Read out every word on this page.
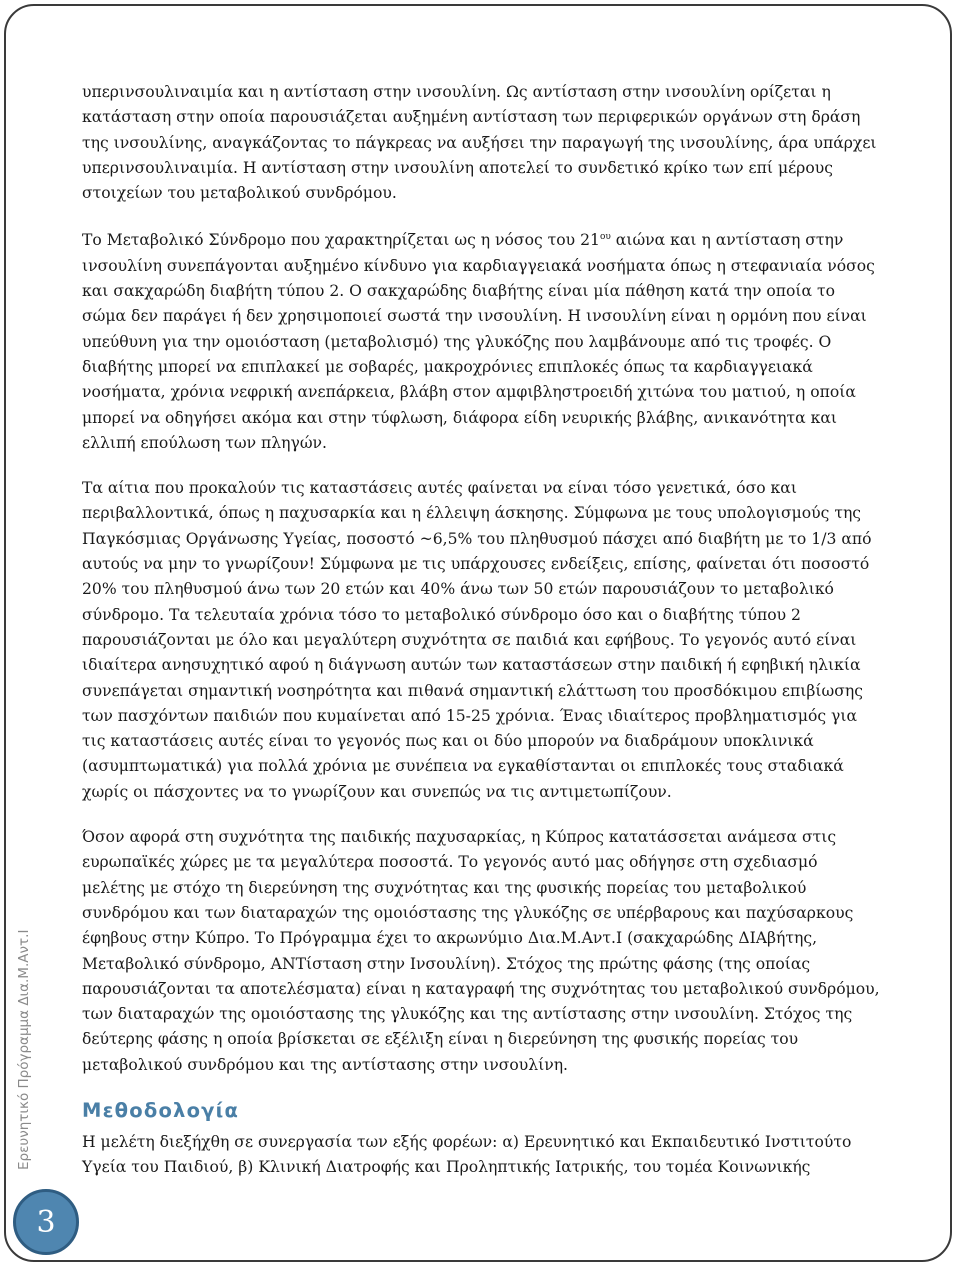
υπερινσουλιναιμία και η αντίσταση στην ινσουλίνη. Ως αντίσταση στην ινσουλίνη ορίζεται η κατάσταση στην οποία παρουσιάζεται αυξημένη αντίσταση των περιφερικών οργάνων στη δράση της ινσουλίνης, αναγκάζοντας το πάγκρεας να αυξήσει την παραγωγή της ινσουλίνης, άρα υπάρχει υπερινσουλιναιμία. Η αντίσταση στην ινσουλίνη αποτελεί το συνδετικό κρίκο των επί μέρους στοιχείων του μεταβολικού συνδρόμου.

Το Μεταβολικό Σύνδρομο που χαρακτηρίζεται ως η νόσος του $21^{o\upsilon}$ αιώνα και η αντίσταση στην ινσουλίνη συνεπάγονται αυξημένο κίνδυνο για καρδιαγγειακά νοσήματα όπως η στεφανιαία νόσος και σακχαρώδη διαβήτη τύπου 2. Ο σακχαρώδης διαβήτης είναι μία πάθηση κατά την οποία το σώμα δεν παράγει ή δεν χρησιμοποιεί σωστά την ινσουλίνη. Η ινσουλίνη είναι η ορμόνη που είναι υπεύθυνη για την ομοιόσταση (μεταβολισμό) της γλυκόζης που λαμβάνουμε από τις τροφές. Ο διαβήτης μπορεί να επιπλακεί με σοβαρές, μακροχρόνιες επιπλοκές όπως τα καρδιαγγειακά νοσήματα, χρόνια νεφρική ανεπάρκεια, βλάβη στον αμφιβληστροειδή χιτώνα του ματιού, η οποία μπορεί να οδηγήσει ακόμα και στην τύφλωση, διάφορα είδη νευρικής βλάβης, ανικανότητα και ελλιπή επούλωση των πληγών.

Τα αίτια που προκαλούν τις καταστάσεις αυτές φαίνεται να είναι τόσο γενετικά, όσο και περιβαλλοντικά, όπως η παχυσαρκία και η έλλειψη άσκησης. Σύμφωνα με τους υπολογισμούς της Παγκόσμιας Οργάνωσης Υγείας, ποσοστό ~6,5% του πληθυσμού πάσχει από διαβήτη με το 1/3 από αυτούς να μην το γνωρίζουν! Σύμφωνα με τις υπάρχουσες ενδείξεις, επίσης, φαίνεται ότι ποσοστό 20% του πληθυσμού άνω των 20 ετών και 40% άνω των 50 ετών παρουσιάζουν το μεταβολικό σύνδρομο. Τα τελευταία χρόνια τόσο το μεταβολικό σύνδρομο όσο και ο διαβήτης τύπου 2 παρουσιάζονται με όλο και μεγαλύτερη συχνότητα σε παιδιά και εφήβους. Το γεγονός αυτό είναι ιδιαίτερα ανησυχητικό αφού η διάγνωση αυτών των καταστάσεων στην παιδική ή εφηβική ηλικία συνεπάγεται σημαντική νοσηρότητα και πιθανά σημαντική ελάττωση του προσδόκιμου επιβίωσης των πασχόντων παιδιών που κυμαίνεται από 15-25 χρόνια. Ένας ιδιαίτερος προβληματισμός για τις καταστάσεις αυτές είναι το γεγονός πως και οι δύο μπορούν να διαδράμουν υποκλινικά (ασυμπτωματικά) για πολλά χρόνια με συνέπεια να εγκαθίστανται οι επιπλοκές τους σταδιακά χωρίς οι πάσχοντες να το γνωρίζουν και συνεπώς να τις αντιμετωπίζουν.

Όσον αφορά στη συχνότητα της παιδικής παχυσαρκίας, η Κύπρος κατατάσσεται ανάμεσα στις ευρωπαϊκές χώρες με τα μεγαλύτερα ποσοστά. Το γεγονός αυτό μας οδήγησε στη σχεδιασμό μελέτης με στόχο τη διερεύνηση της συχνότητας και της φυσικής πορείας του μεταβολικού συνδρόμου και των διαταραχών της ομοιόστασης της γλυκόζης σε υπέρβαρους και παχύσαρκους έφηβους στην Κύπρο. Το Πρόγραμμα έχει το ακρωνύμιο Δια.Μ.Αντ.Ι (σακχαρώδης ΔΙΑβήτης, Μεταβολικό σύνδρομο, ΑΝΤίσταση στην Ινσουλίνη). Στόχος της πρώτης φάσης (της οποίας παρουσιάζονται τα αποτελέσματα) είναι η καταγραφή της συχνότητας του μεταβολικού συνδρόμου, των διαταραχών της ομοιόστασης της γλυκόζης και της αντίστασης στην ινσουλίνη. Στόχος της δεύτερης φάσης η οποία βρίσκεται σε εξέλιξη είναι η διερεύνηση της φυσικής πορείας του μεταβολικού συνδρόμου και της αντίστασης στην ινσουλίνη.

Μεθοδολογία

Η μελέτη διεξήχθη σε συνεργασία των εξής φορέων: α) Ερευνητικό και Εκπαιδευτικό Ινστιτούτο Υγεία του Παιδιού, β) Κλινική Διατροφής και Προληπτικής Ιατρικής, του τομέα Κοινωνικής

Ερευνητικό Πρόγραμμα Δια.Μ.Αντ.Ι
3
